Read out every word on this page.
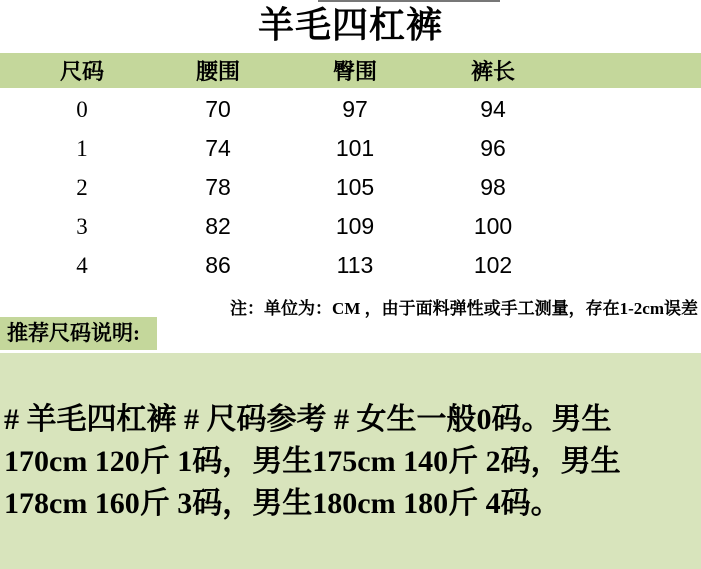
羊毛四杠裤
尺码	腰围	臀围	裤长
0	70	97	94
1	74	101	96
2	78	105	98
3	82	109	100
4	86	113	102
注：单位为：CM ，由于面料弹性或手工测量，存在1-2cm误差
推荐尺码说明:
# 羊毛四杠裤 # 尺码参考 # 女生一般0码。男生
170cm 120斤 1码，男生175cm 140斤 2码，男生
178cm 160斤 3码，男生180cm 180斤 4码。
